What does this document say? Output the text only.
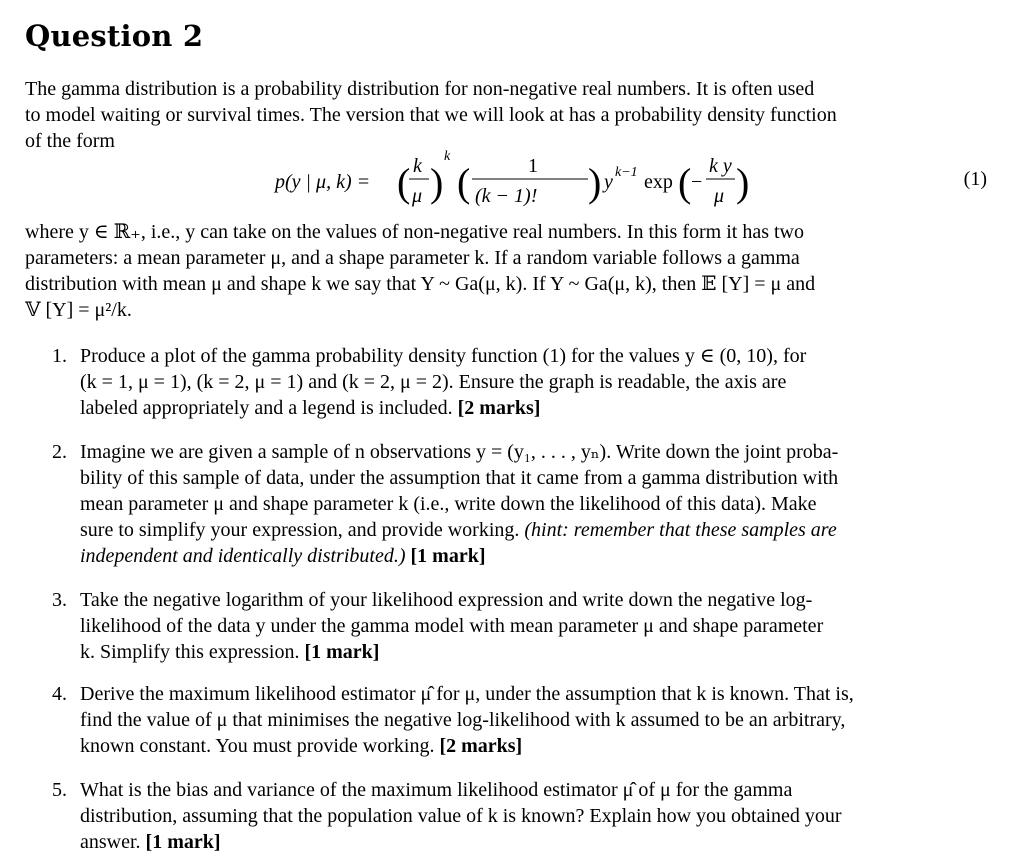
Question 2
The gamma distribution is a probability distribution for non-negative real numbers. It is often used
to model waiting or survival times. The version that we will look at has a probability density function
of the form
p(y | μ, k) = ( k
μ )
k
(	1
(k − 1)! ) y k−1 exp ( −
k y
μ )	(1)
where y ∈ ℝ₊, i.e., y can take on the values of non-negative real numbers. In this form it has two
parameters: a mean parameter μ, and a shape parameter k. If a random variable follows a gamma
distribution with mean μ and shape k we say that Y ~ Ga(μ, k). If Y ~ Ga(μ, k), then 𝔼 [Y] = μ and
𝕍 [Y] = μ²/k.
1. Produce a plot of the gamma probability density function (1) for the values y ∈ (0, 10), for
(k = 1, μ = 1), (k = 2, μ = 1) and (k = 2, μ = 2). Ensure the graph is readable, the axis are
labeled appropriately and a legend is included. [2 marks]
2. Imagine we are given a sample of n observations y = (y₁, . . . , yₙ). Write down the joint proba-
bility of this sample of data, under the assumption that it came from a gamma distribution with
mean parameter μ and shape parameter k (i.e., write down the likelihood of this data). Make
sure to simplify your expression, and provide working. (hint: remember that these samples are
independent and identically distributed.) [1 mark]
3. Take the negative logarithm of your likelihood expression and write down the negative log-
likelihood of the data y under the gamma model with mean parameter μ and shape parameter
k. Simplify this expression. [1 mark]
4. Derive the maximum likelihood estimator μ̂ for μ, under the assumption that k is known. That is,
find the value of μ that minimises the negative log-likelihood with k assumed to be an arbitrary,
known constant. You must provide working. [2 marks]
5. What is the bias and variance of the maximum likelihood estimator μ̂ of μ for the gamma
distribution, assuming that the population value of k is known? Explain how you obtained your
answer. [1 mark]
